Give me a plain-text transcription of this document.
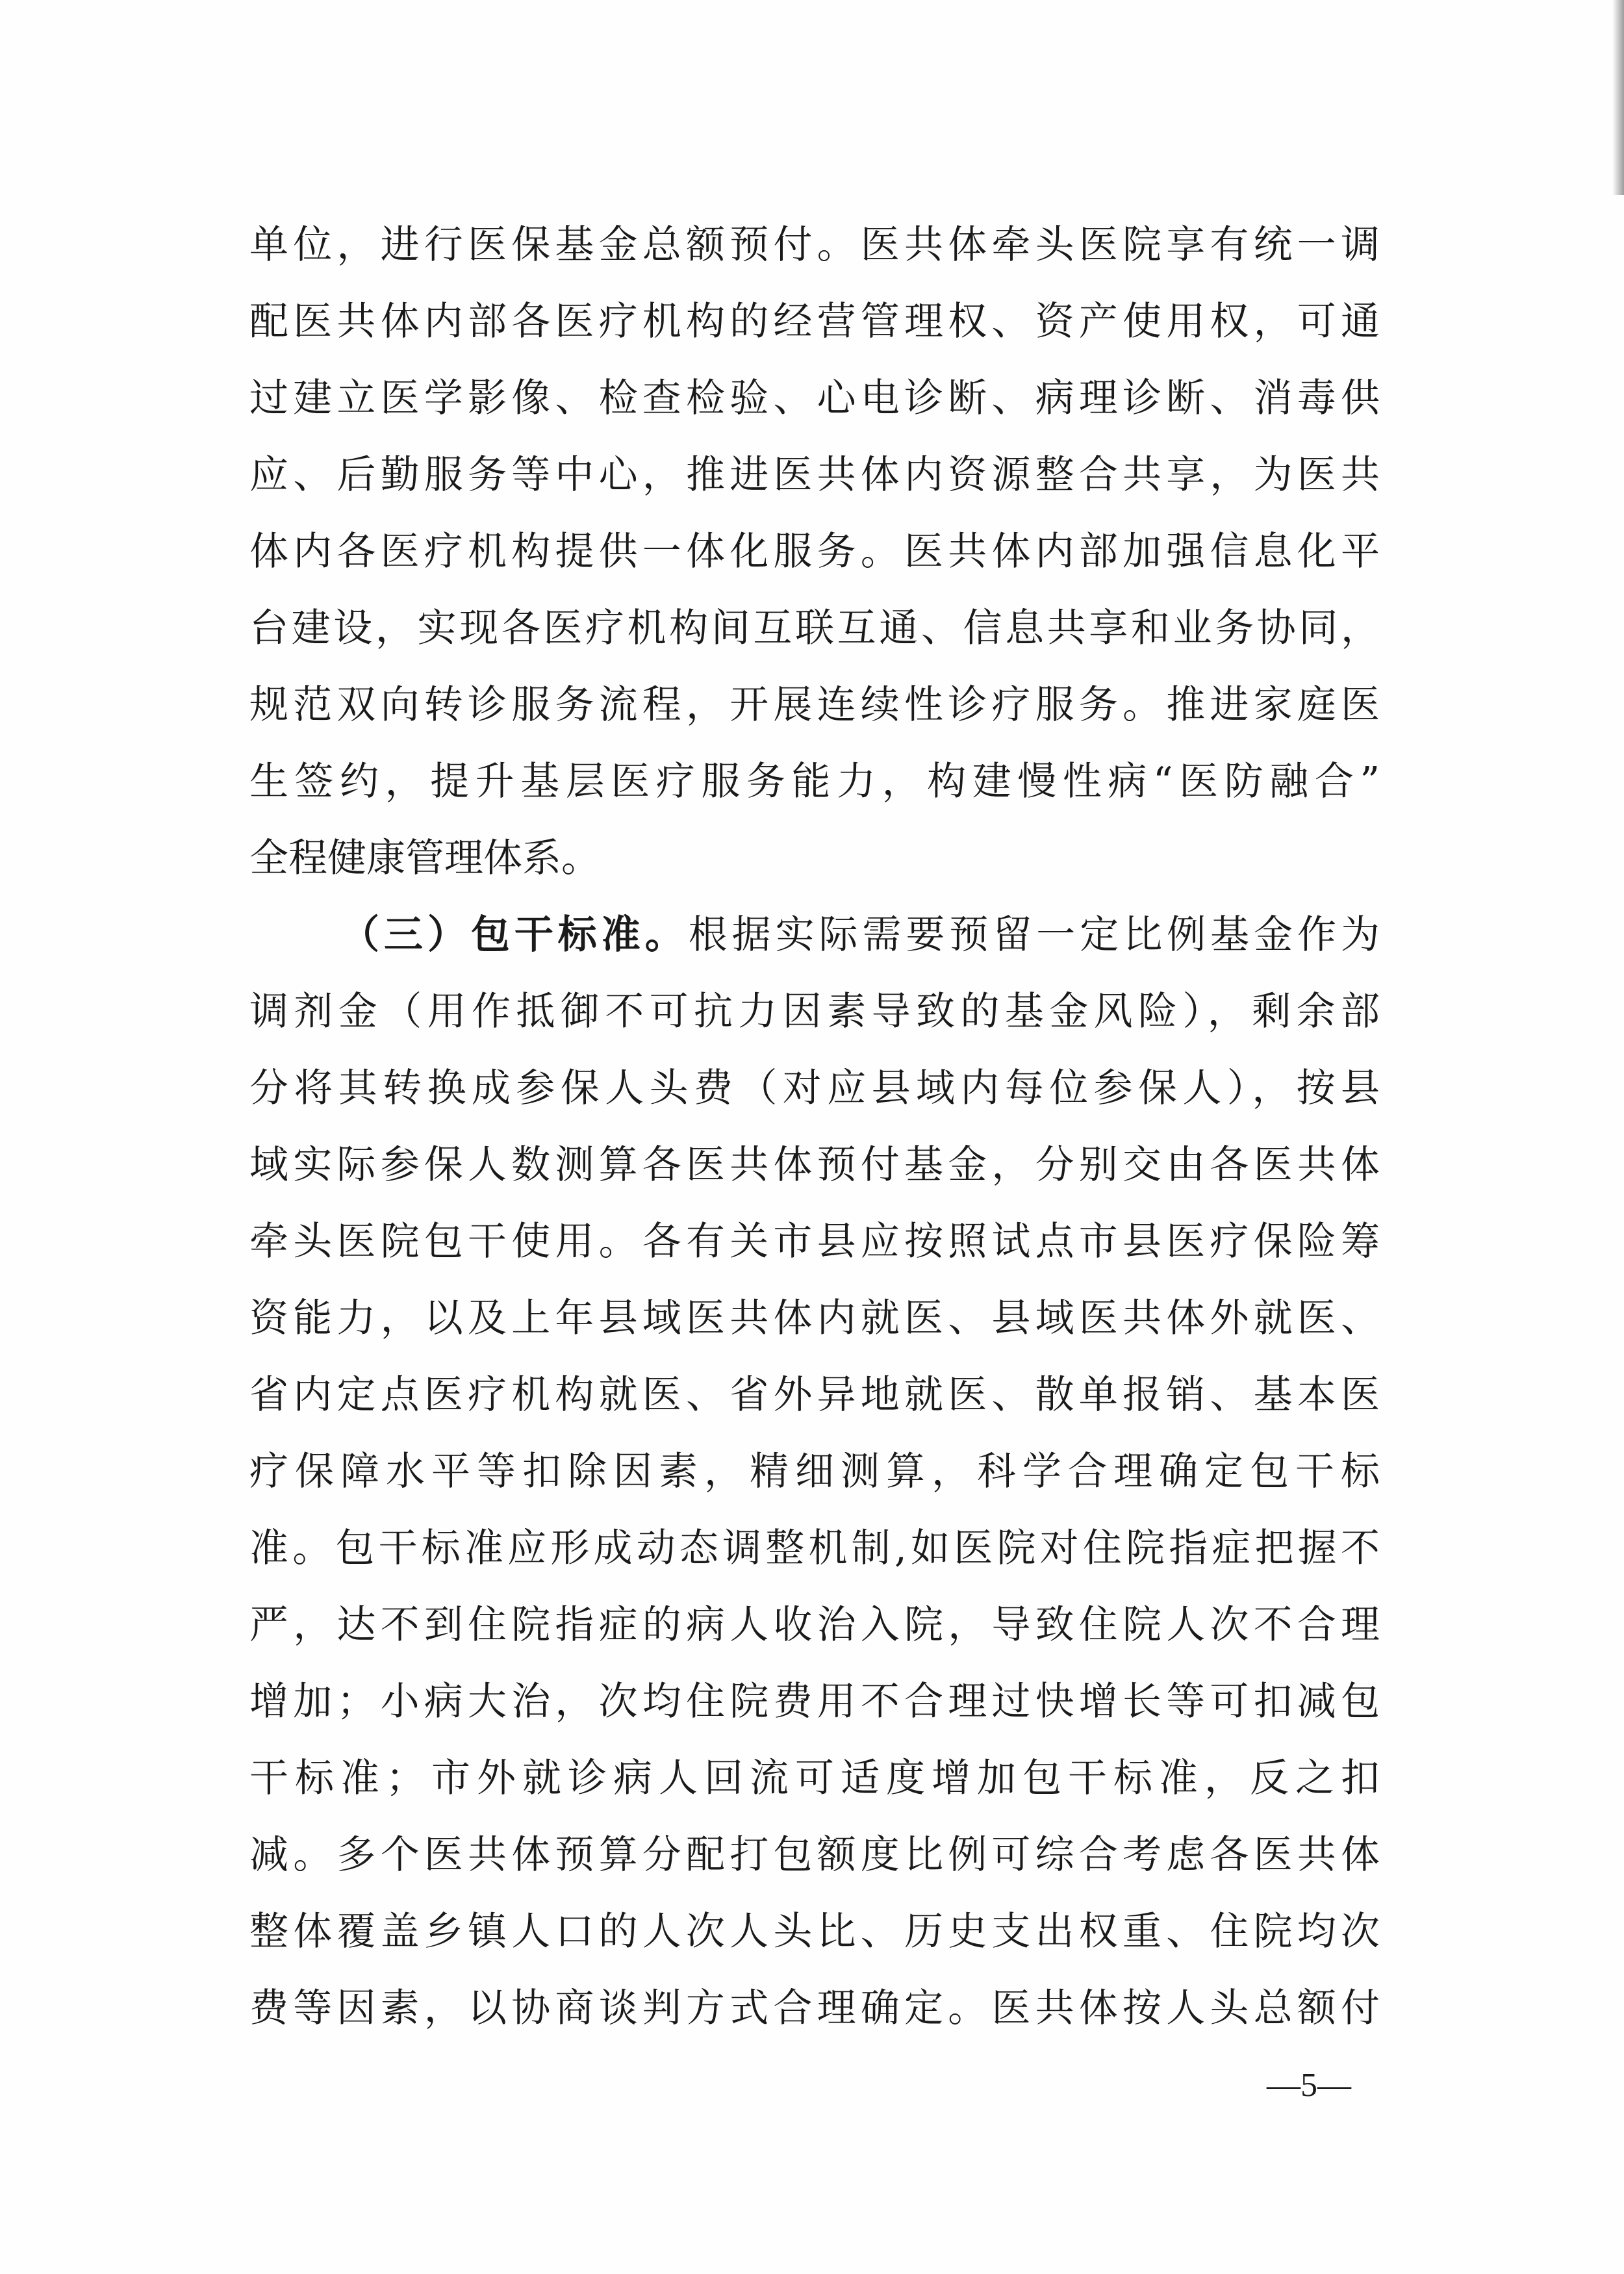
单位，进行医保基金总额预付。医共体牵头医院享有统一调
配医共体内部各医疗机构的经营管理权、资产使用权，可通
过建立医学影像、检查检验、心电诊断、病理诊断、消毒供
应、后勤服务等中心，推进医共体内资源整合共享，为医共
体内各医疗机构提供一体化服务。医共体内部加强信息化平
台建设，实现各医疗机构间互联互通、信息共享和业务协同，
规范双向转诊服务流程，开展连续性诊疗服务。推进家庭医
生签约，提升基层医疗服务能力，构建慢性病“医防融合”
全程健康管理体系。
（三）包干标准。根据实际需要预留一定比例基金作为
调剂金（用作抵御不可抗力因素导致的基金风险），剩余部
分将其转换成参保人头费（对应县域内每位参保人），按县
域实际参保人数测算各医共体预付基金，分别交由各医共体
牵头医院包干使用。各有关市县应按照试点市县医疗保险筹
资能力，以及上年县域医共体内就医、县域医共体外就医、
省内定点医疗机构就医、省外异地就医、散单报销、基本医
疗保障水平等扣除因素，精细测算，科学合理确定包干标
准。包干标准应形成动态调整机制,如医院对住院指症把握不
严，达不到住院指症的病人收治入院，导致住院人次不合理
增加；小病大治，次均住院费用不合理过快增长等可扣减包
干标准；市外就诊病人回流可适度增加包干标准，反之扣
减。多个医共体预算分配打包额度比例可综合考虑各医共体
整体覆盖乡镇人口的人次人头比、历史支出权重、住院均次
费等因素，以协商谈判方式合理确定。医共体按人头总额付
—5—
